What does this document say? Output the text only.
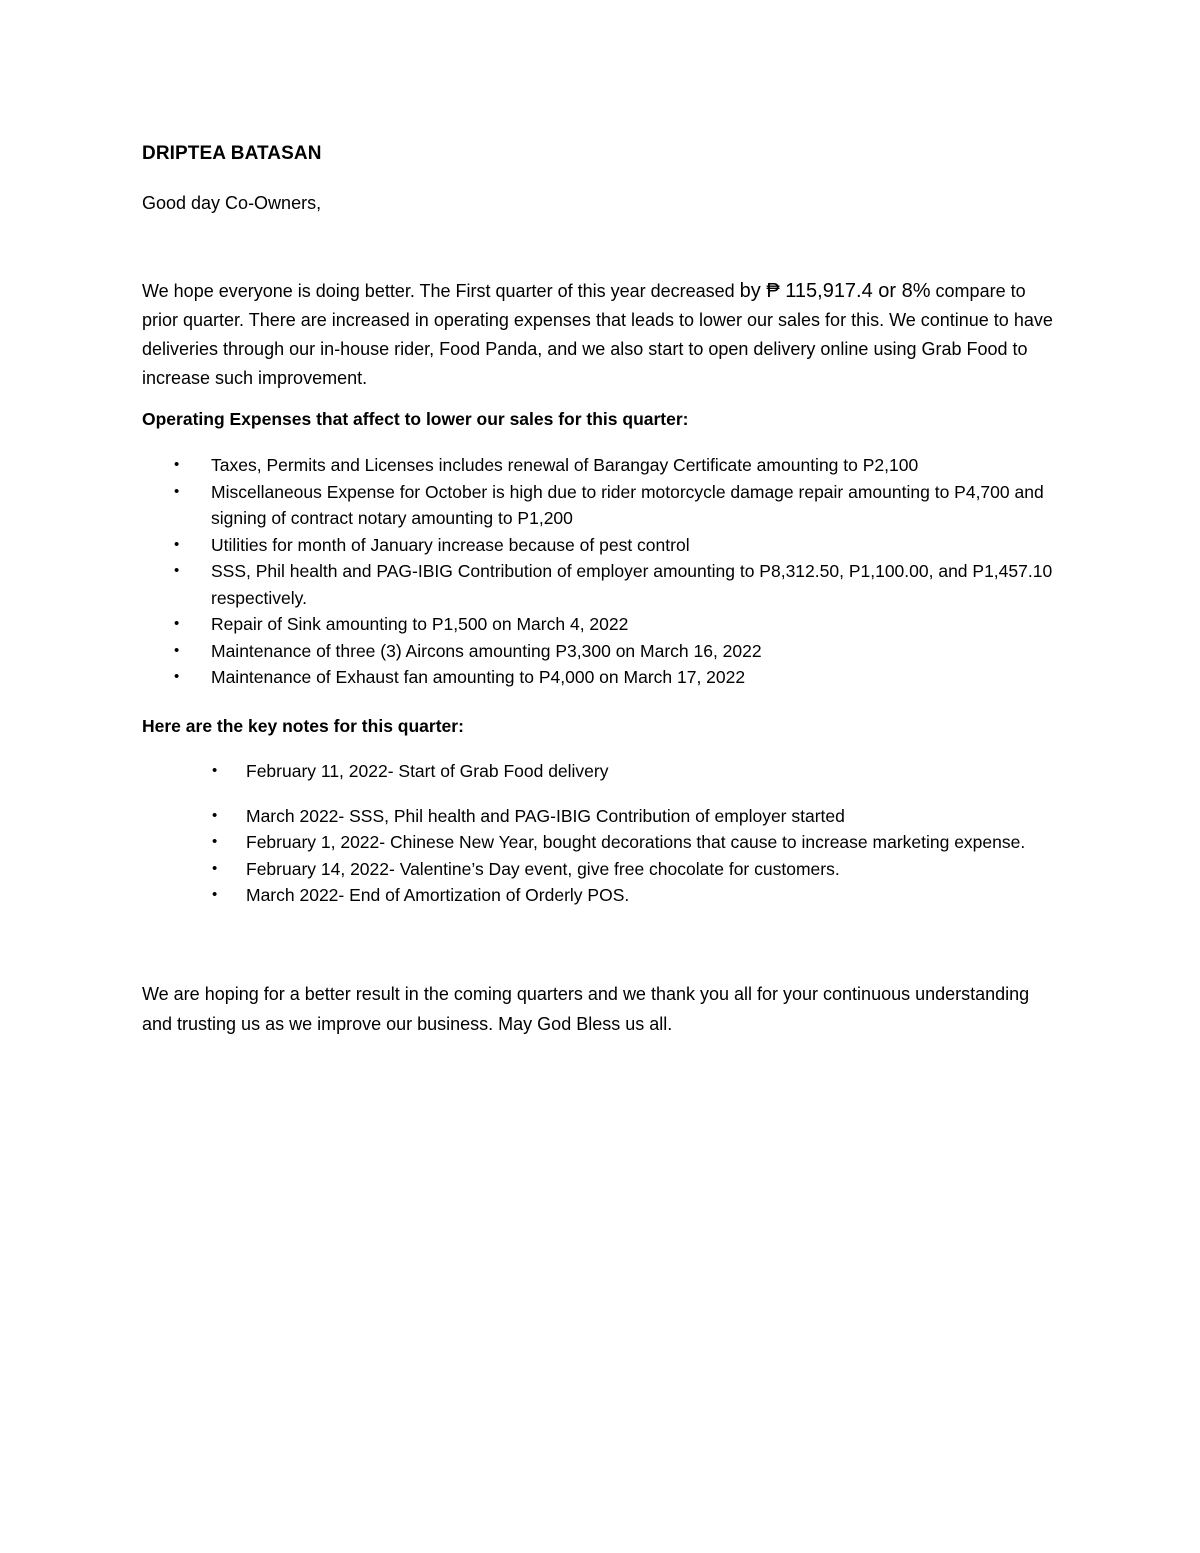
DRIPTEA BATASAN
Good day Co-Owners,

We hope everyone is doing better. The First quarter of this year decreased by ₱ 115,917.4 or 8% compare to prior quarter. There are increased in operating expenses that leads to lower our sales for this. We continue to have deliveries through our in-house rider, Food Panda, and we also start to open delivery online using Grab Food to increase such improvement.

Operating Expenses that affect to lower our sales for this quarter:
• Taxes, Permits and Licenses includes renewal of Barangay Certificate amounting to P2,100
• Miscellaneous Expense for October is high due to rider motorcycle damage repair amounting to P4,700 and signing of contract notary amounting to P1,200
• Utilities for month of January increase because of pest control
• SSS, Phil health and PAG-IBIG Contribution of employer amounting to P8,312.50, P1,100.00, and P1,457.10 respectively.
• Repair of Sink amounting to P1,500 on March 4, 2022
• Maintenance of three (3) Aircons amounting P3,300 on March 16, 2022
• Maintenance of Exhaust fan amounting to P4,000 on March 17, 2022
Here are the key notes for this quarter:
• February 11, 2022- Start of Grab Food delivery
• March 2022- SSS, Phil health and PAG-IBIG Contribution of employer started
• February 1, 2022- Chinese New Year, bought decorations that cause to increase marketing expense.
• February 14, 2022- Valentine’s Day event, give free chocolate for customers.
• March 2022- End of Amortization of Orderly POS.

We are hoping for a better result in the coming quarters and we thank you all for your continuous understanding and trusting us as we improve our business. May God Bless us all.
